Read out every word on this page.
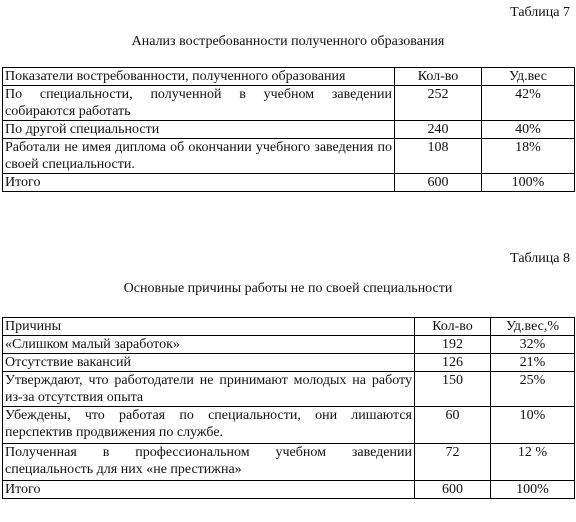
Таблица 7
Анализ востребованности полученного образования
Показатели востребованности, полученного образования	Кол-во	Уд.вес
По специальности, полученной в учебном заведении собираются работать	252	42%
По другой специальности	240	40%
Работали не имея диплома об окончании учебного заведения по своей специальности.	108	18%
Итого	600	100%
Таблица 8
Основные причины работы не по своей специальности
Причины	Кол-во	Уд.вес,%
«Слишком малый заработок»	192	32%
Отсутствие вакансий	126	21%
Утверждают, что работодатели не принимают молодых на работу из-за отсутствия опыта	150	25%
Убеждены, что работая по специальности, они лишаются перспектив продвижения по службе.	60	10%
Полученная в профессиональном учебном заведении специальность для них «не престижна»	72	12 %
Итого	600	100%
